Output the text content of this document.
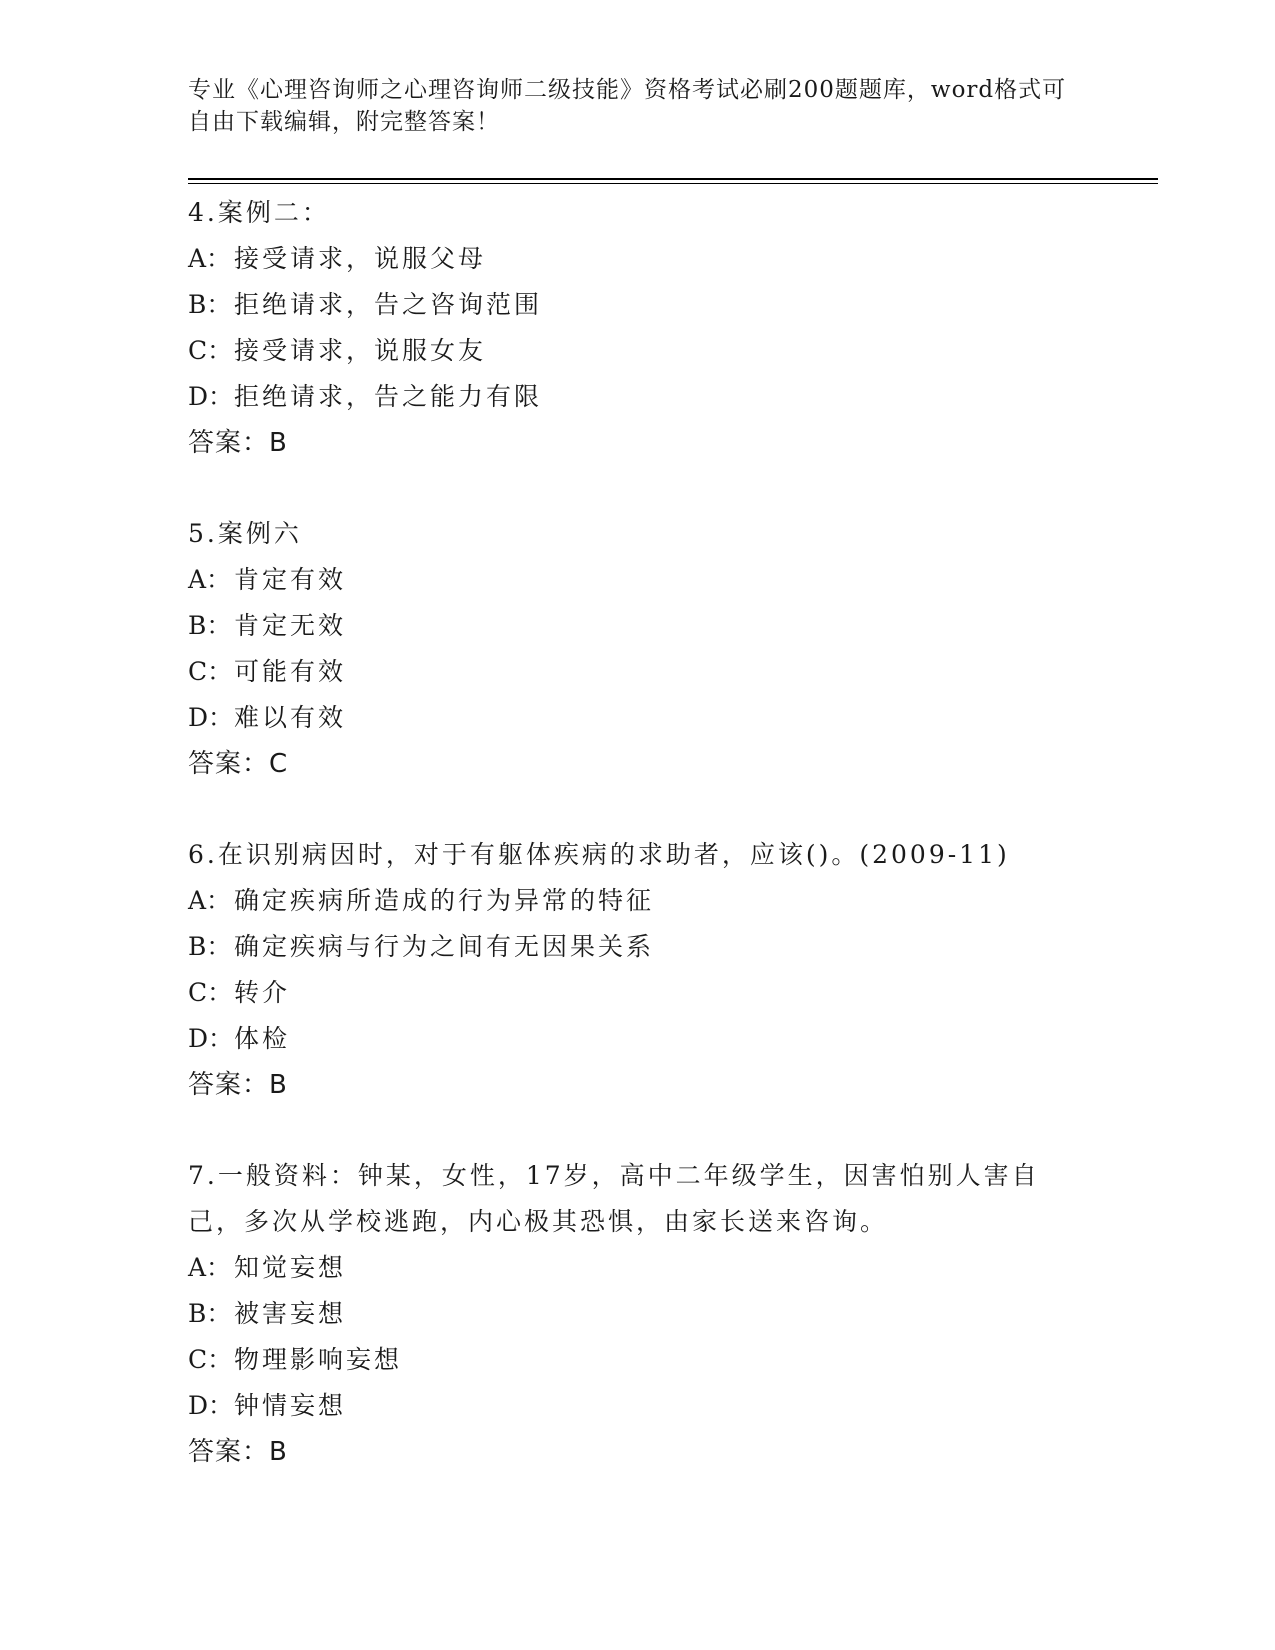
专业《心理咨询师之心理咨询师二级技能》资格考试必刷200题题库，word格式可自由下载编辑，附完整答案！
4.案例二：
A： 接受请求，说服父母
B： 拒绝请求，告之咨询范围
C：接受请求，说服女友
D：拒绝请求，告之能力有限
答案：B
5.案例六
A： 肯定有效
B： 肯定无效
C：可能有效
D：难以有效
答案：C
6.在识别病因时，对于有躯体疾病的求助者，应该()。(2009-11)
A： 确定疾病所造成的行为异常的特征
B： 确定疾病与行为之间有无因果关系
C：转介
D：体检
答案：B
7.一般资料：钟某，女性，17岁，高中二年级学生，因害怕别人害自己，多次从学校逃跑，内心极其恐惧，由家长送来咨询。
A： 知觉妄想
B： 被害妄想
C：物理影响妄想
D：钟情妄想
答案：B
